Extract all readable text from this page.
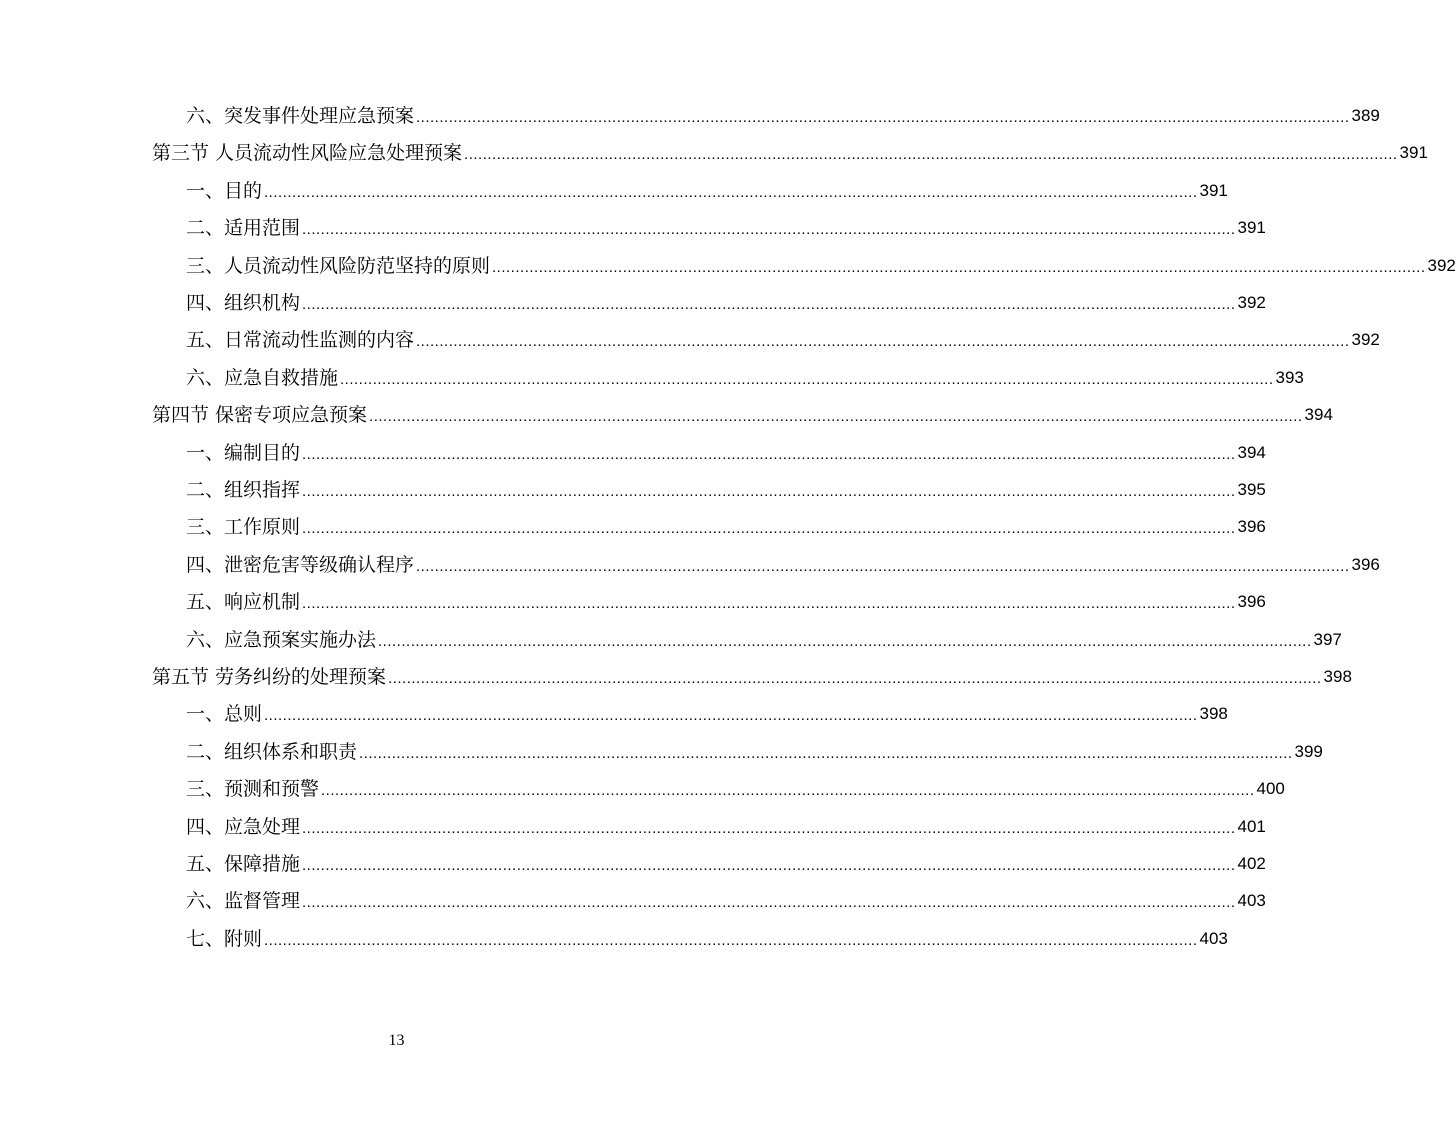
六、突发事件处理应急预案 ........................................................................................................................................................................................................ 389
第三节 人员流动性风险应急处理预案 ........................................................................................................................................................................................................ 391
一、目的 ........................................................................................................................................................................................................ 391
二、适用范围 ........................................................................................................................................................................................................ 391
三、人员流动性风险防范坚持的原则 ........................................................................................................................................................................................................ 392
四、组织机构 ........................................................................................................................................................................................................ 392
五、日常流动性监测的内容 ........................................................................................................................................................................................................ 392
六、应急自救措施 ........................................................................................................................................................................................................ 393
第四节 保密专项应急预案 ........................................................................................................................................................................................................ 394
一、编制目的 ........................................................................................................................................................................................................ 394
二、组织指挥 ........................................................................................................................................................................................................ 395
三、工作原则 ........................................................................................................................................................................................................ 396
四、泄密危害等级确认程序 ........................................................................................................................................................................................................ 396
五、响应机制 ........................................................................................................................................................................................................ 396
六、应急预案实施办法 ........................................................................................................................................................................................................ 397
第五节 劳务纠纷的处理预案 ........................................................................................................................................................................................................ 398
一、总则 ........................................................................................................................................................................................................ 398
二、组织体系和职责 ........................................................................................................................................................................................................ 399
三、预测和预警 ........................................................................................................................................................................................................ 400
四、应急处理 ........................................................................................................................................................................................................ 401
五、保障措施 ........................................................................................................................................................................................................ 402
六、监督管理 ........................................................................................................................................................................................................ 403
七、附则 ........................................................................................................................................................................................................ 403
13
